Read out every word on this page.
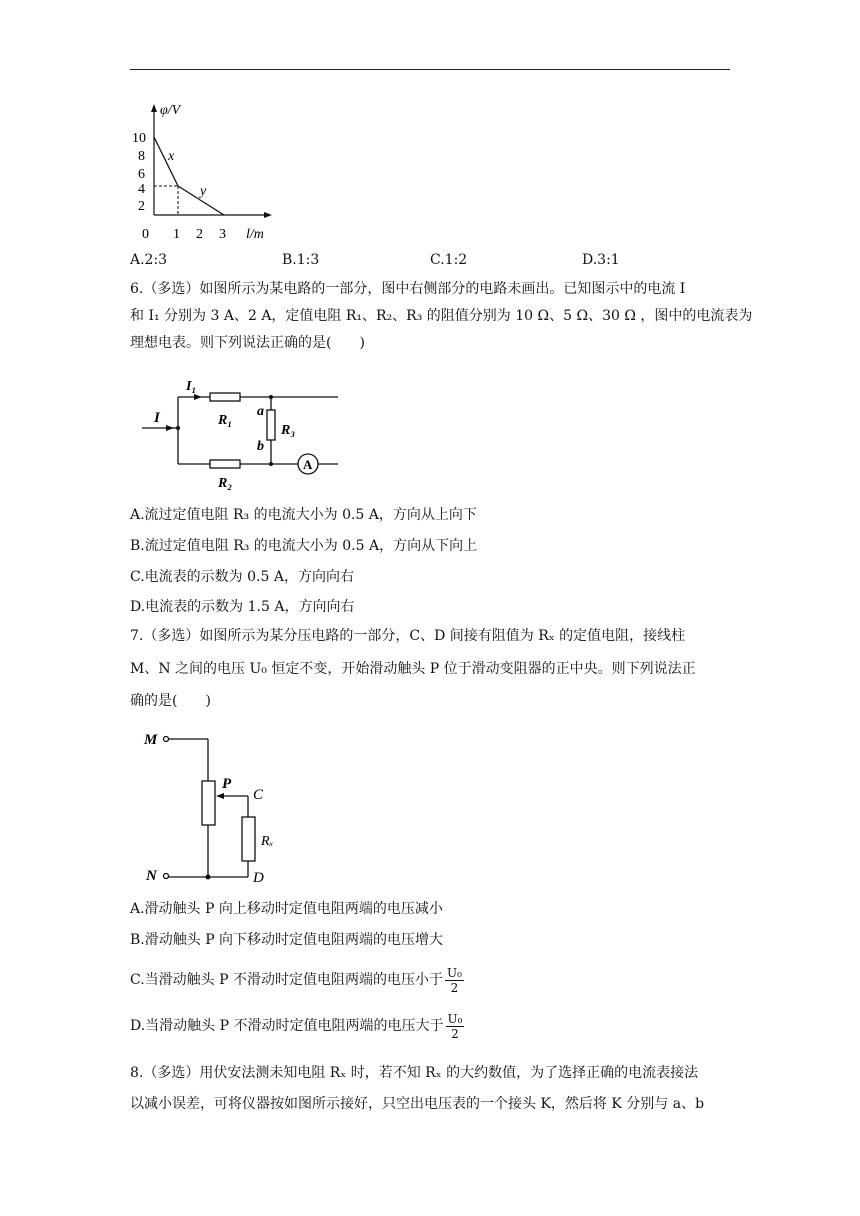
φ/V
l/m
10
8
6
4
2
0 1 2 3
x
y
A.2:3	B.1:3	C.1:2	D.3:1
6.（多选）如图所示为某电路的一部分，图中右侧部分的电路未画出。已知图示中的电流 I
和 I₁ 分别为 3 A、2 A，定值电阻 R₁、R₂、R₃ 的阻值分别为 10 Ω、5 Ω、30 Ω ，图中的电流表为
理想电表。则下列说法正确的是(　　)
I
I₁
R₁
a
b
R₃
R₂
A
A.流过定值电阻 R₃ 的电流大小为 0.5 A，方向从上向下
B.流过定值电阻 R₃ 的电流大小为 0.5 A，方向从下向上
C.电流表的示数为 0.5 A，方向向右
D.电流表的示数为 1.5 A，方向向右
7.（多选）如图所示为某分压电路的一部分，C、D 间接有阻值为 Rₓ 的定值电阻，接线柱
M、N 之间的电压 U₀ 恒定不变，开始滑动触头 P 位于滑动变阻器的正中央。则下列说法正
确的是(　　)
M
P
C
Rₓ
N	D
A.滑动触头 P 向上移动时定值电阻两端的电压减小
B.滑动触头 P 向下移动时定值电阻两端的电压增大
C.当滑动触头 P 不滑动时定值电阻两端的电压小于 $\frac{\text{U₀}}{2}$
D.当滑动触头 P 不滑动时定值电阻两端的电压大于 $\frac{\text{U₀}}{2}$
8.（多选）用伏安法测未知电阻 Rₓ 时，若不知 Rₓ 的大约数值，为了选择正确的电流表接法
以减小误差，可将仪器按如图所示接好，只空出电压表的一个接头 K，然后将 K 分别与 a、b
